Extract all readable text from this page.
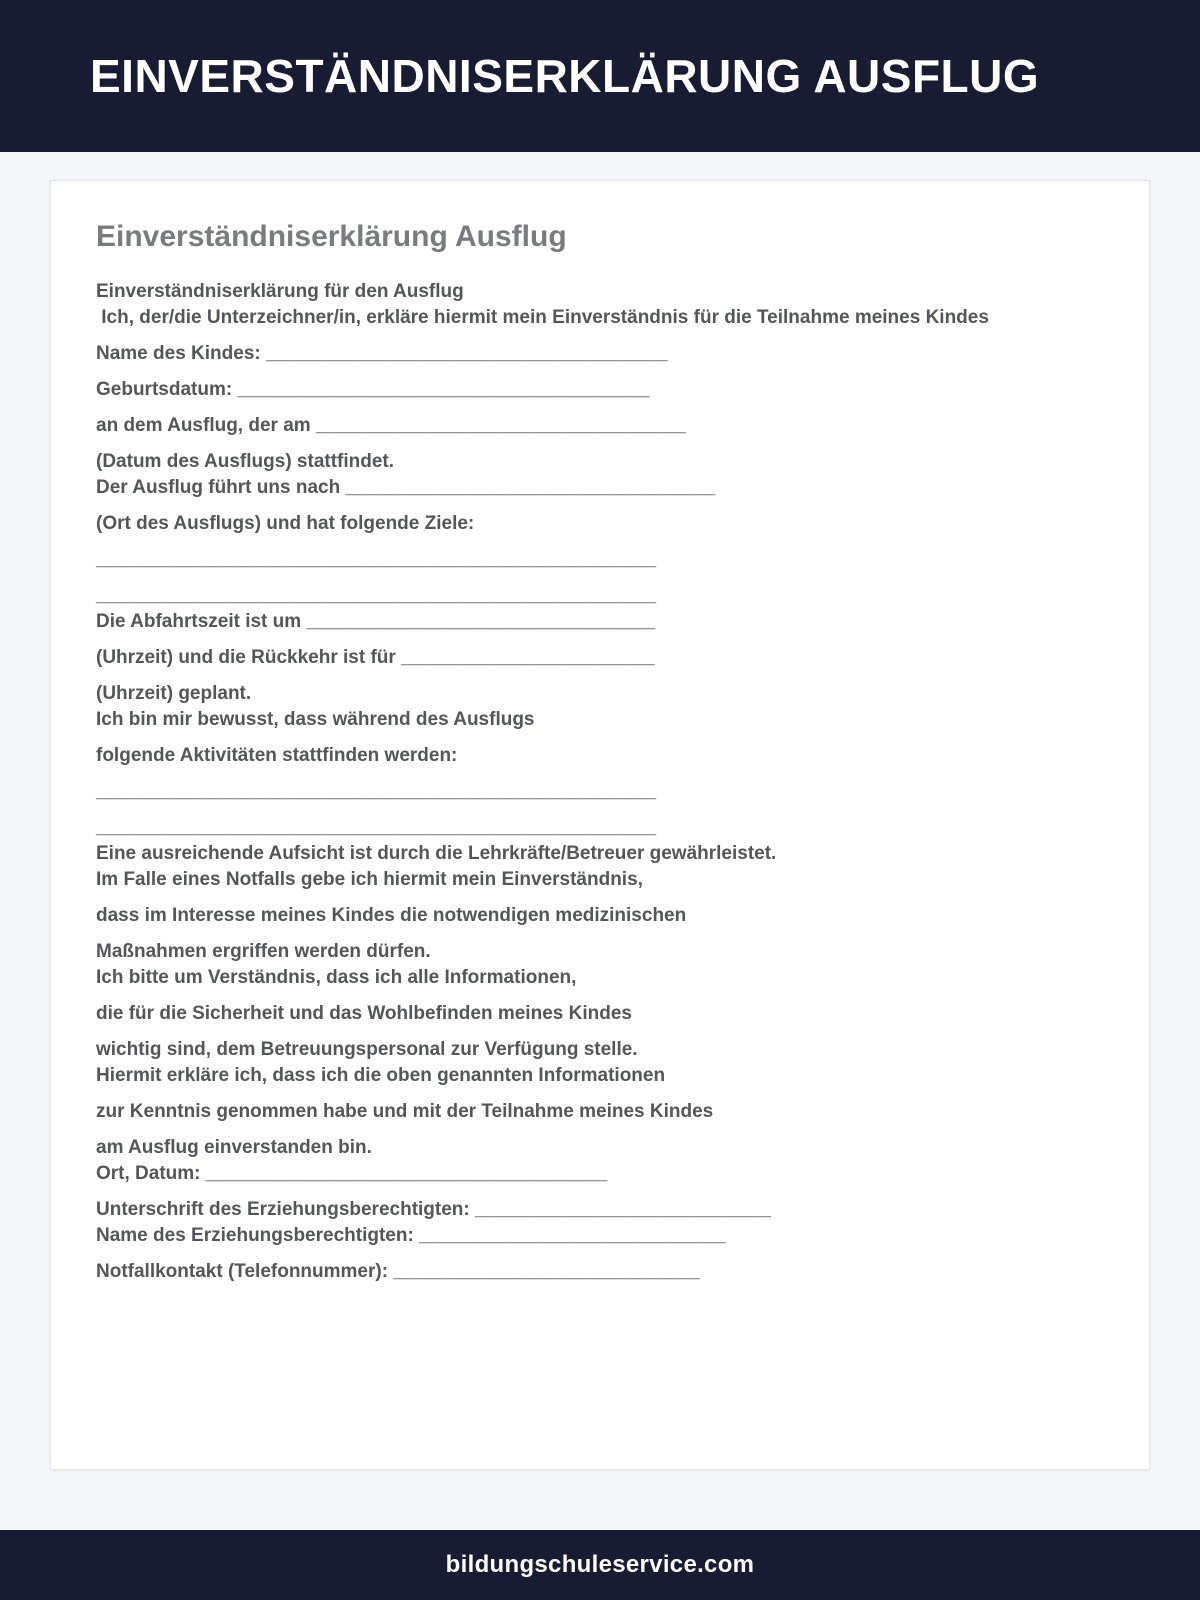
EINVERSTÄNDNISERKLÄRUNG AUSFLUG
Einverständniserklärung Ausflug

Einverständniserklärung für den Ausflug

Ich, der/die Unterzeichner/in, erkläre hiermit mein Einverständnis für die Teilnahme meines Kindes

Name des Kindes: ______________________________________

Geburtsdatum: _______________________________________

an dem Ausflug, der am ___________________________________

(Datum des Ausflugs) stattfindet.

Der Ausflug führt uns nach ___________________________________

(Ort des Ausflugs) und hat folgende Ziele:

_____________________________________________________

_____________________________________________________

Die Abfahrtszeit ist um _________________________________

(Uhrzeit) und die Rückkehr ist für ________________________

(Uhrzeit) geplant.

Ich bin mir bewusst, dass während des Ausflugs

folgende Aktivitäten stattfinden werden:

_____________________________________________________

_____________________________________________________

Eine ausreichende Aufsicht ist durch die Lehrkräfte/Betreuer gewährleistet.

Im Falle eines Notfalls gebe ich hiermit mein Einverständnis,

dass im Interesse meines Kindes die notwendigen medizinischen

Maßnahmen ergriffen werden dürfen.

Ich bitte um Verständnis, dass ich alle Informationen,

die für die Sicherheit und das Wohlbefinden meines Kindes

wichtig sind, dem Betreuungspersonal zur Verfügung stelle.

Hiermit erkläre ich, dass ich die oben genannten Informationen

zur Kenntnis genommen habe und mit der Teilnahme meines Kindes

am Ausflug einverstanden bin.

Ort, Datum: ______________________________________

Unterschrift des Erziehungsberechtigten: ____________________________

Name des Erziehungsberechtigten: _____________________________

Notfallkontakt (Telefonnummer): _____________________________

bildungschuleservice.com
